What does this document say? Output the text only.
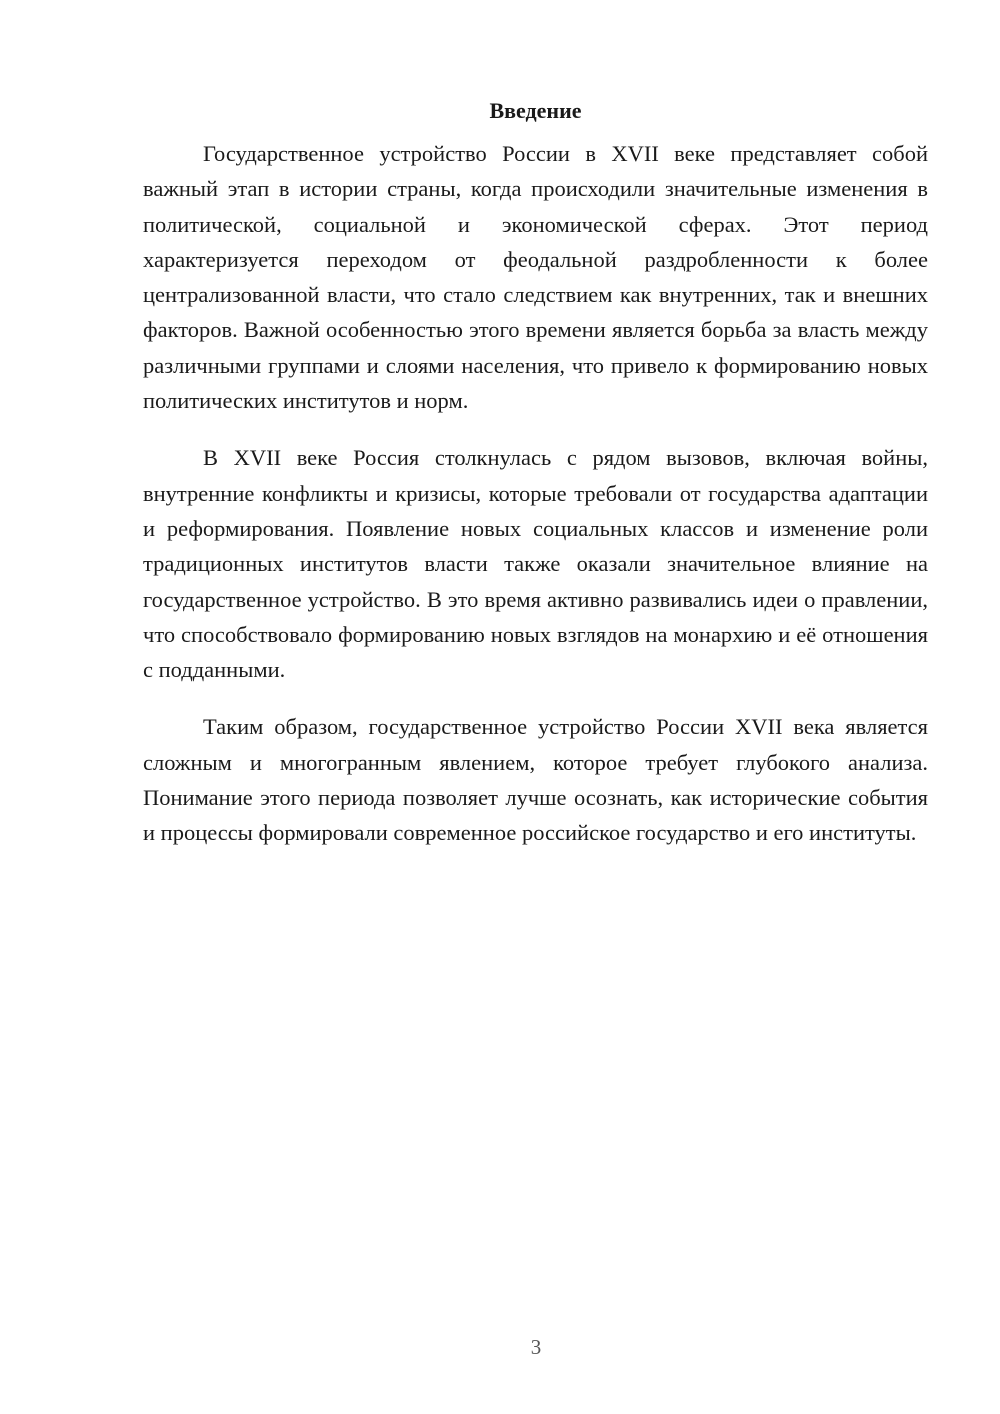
Введение

Государственное устройство России в XVII веке представляет собой важный этап в истории страны, когда происходили значительные изменения в политической, социальной и экономической сферах. Этот период характеризуется переходом от феодальной раздробленности к более централизованной власти, что стало следствием как внутренних, так и внешних факторов. Важной особенностью этого времени является борьба за власть между различными группами и слоями населения, что привело к формированию новых политических институтов и норм.

В XVII веке Россия столкнулась с рядом вызовов, включая войны, внутренние конфликты и кризисы, которые требовали от государства адаптации и реформирования. Появление новых социальных классов и изменение роли традиционных институтов власти также оказали значительное влияние на государственное устройство. В это время активно развивались идеи о правлении, что способствовало формированию новых взглядов на монархию и её отношения с подданными.

Таким образом, государственное устройство России XVII века является сложным и многогранным явлением, которое требует глубокого анализа. Понимание этого периода позволяет лучше осознать, как исторические события и процессы формировали современное российское государство и его институты.

3
